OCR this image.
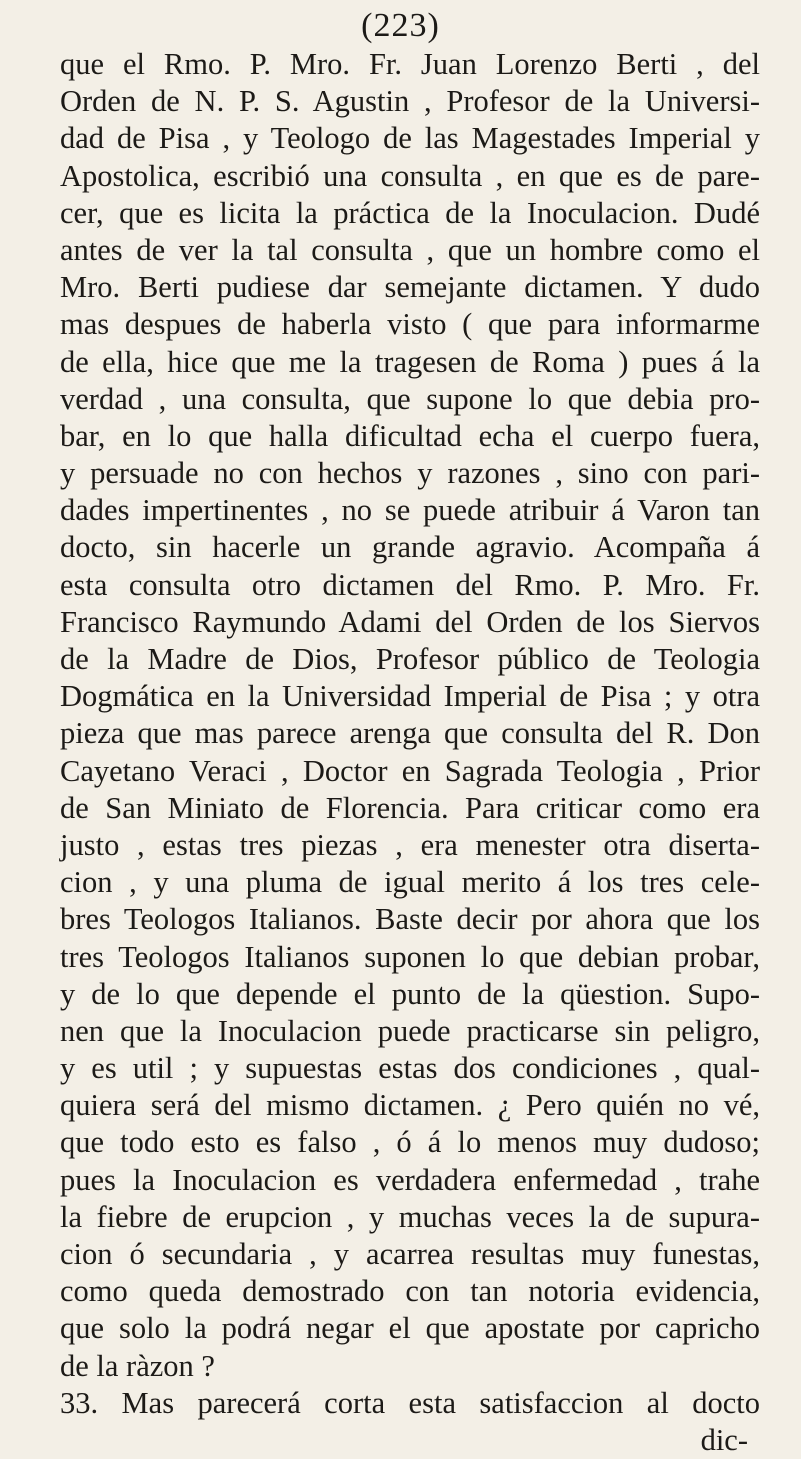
(223)
que el Rmo. P. Mro. Fr. Juan Lorenzo Berti , del
Orden de N. P. S. Agustin , Profesor de la Universi-
dad de Pisa , y Teologo de las Magestades Imperial y
Apostolica, escribió una consulta , en que es de pare-
cer, que es licita la práctica de la Inoculacion. Dudé
antes de ver la tal consulta , que un hombre como el
Mro. Berti pudiese dar semejante dictamen. Y dudo
mas despues de haberla visto ( que para informarme
de ella, hice que me la tragesen de Roma ) pues á la
verdad , una consulta, que supone lo que debia pro-
bar, en lo que halla dificultad echa el cuerpo fuera,
y persuade no con hechos y razones , sino con pari-
dades impertinentes , no se puede atribuir á Varon tan
docto, sin hacerle un grande agravio. Acompaña á
esta consulta otro dictamen del Rmo. P. Mro. Fr.
Francisco Raymundo Adami del Orden de los Siervos
de la Madre de Dios, Profesor público de Teologia
Dogmática en la Universidad Imperial de Pisa ; y otra
pieza que mas parece arenga que consulta del R. Don
Cayetano Veraci , Doctor en Sagrada Teologia , Prior
de San Miniato de Florencia. Para criticar como era
justo , estas tres piezas , era menester otra diserta-
cion , y una pluma de igual merito á los tres cele-
bres Teologos Italianos. Baste decir por ahora que los
tres Teologos Italianos suponen lo que debian probar,
y de lo que depende el punto de la qüestion. Supo-
nen que la Inoculacion puede practicarse sin peligro,
y es util ; y supuestas estas dos condiciones , qual-
quiera será del mismo dictamen. ¿ Pero quién no vé,
que todo esto es falso , ó á lo menos muy dudoso;
pues la Inoculacion es verdadera enfermedad , trahe
la fiebre de erupcion , y muchas veces la de supura-
cion ó secundaria , y acarrea resultas muy funestas,
como queda demostrado con tan notoria evidencia,
que solo la podrá negar el que apostate por capricho
de la ràzon ?
33. Mas parecerá corta esta satisfaccion al docto
dic-
